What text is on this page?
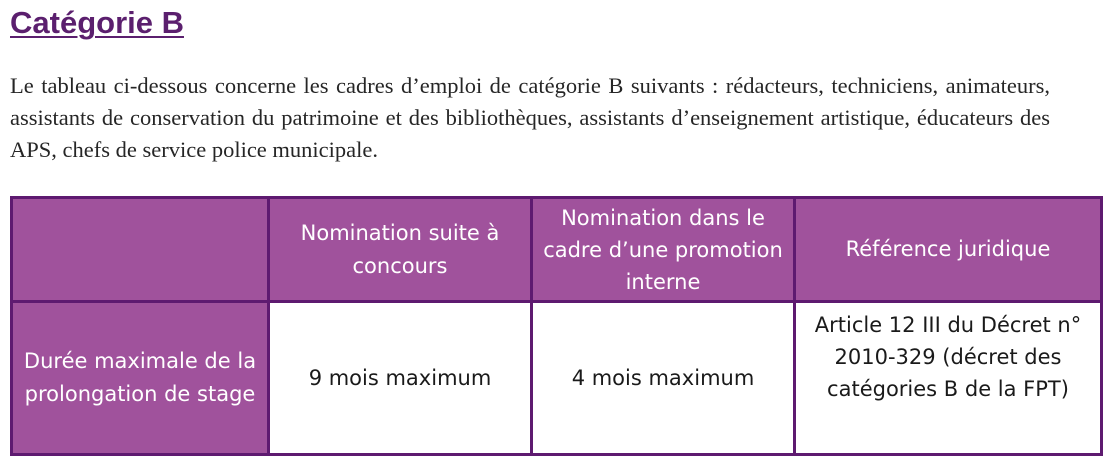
Catégorie B

Le tableau ci-dessous concerne les cadres d’emploi de catégorie B suivants : rédacteurs, techniciens, animateurs, assistants de conservation du patrimoine et des bibliothèques, assistants d’enseignement artistique, éducateurs des APS, chefs de service police municipale.

	Nomination suite à concours	Nomination dans le cadre d’une promotion interne	Référence juridique
Durée maximale de la prolongation de stage	9 mois maximum	4 mois maximum	Article 12 III du Décret n° 2010-329 (décret des catégories B de la FPT)
